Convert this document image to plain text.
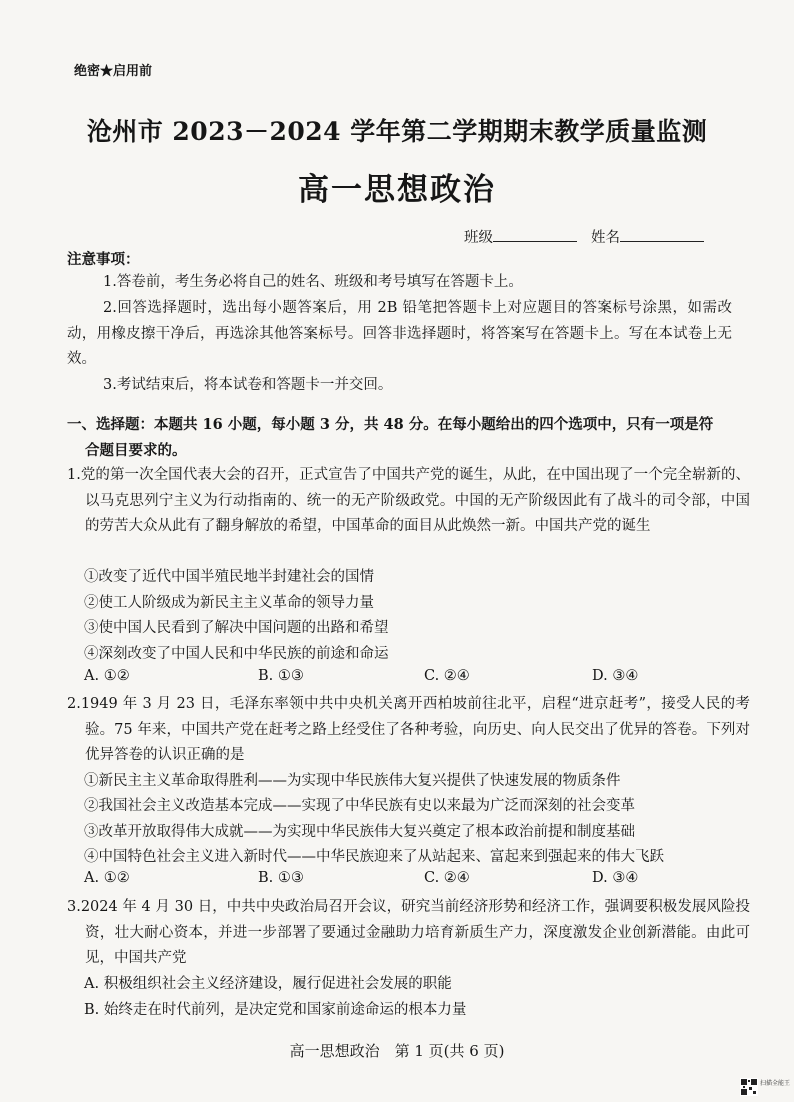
绝密★启用前
沧州市 2023－2024 学年第二学期期末教学质量监测
高一思想政治
班级	姓名
注意事项：
1.答卷前，考生务必将自己的姓名、班级和考号填写在答题卡上。
2.回答选择题时，选出每小题答案后，用 2B 铅笔把答题卡上对应题目的答案标号涂黑，如需改动，用橡皮擦干净后，再选涂其他答案标号。回答非选择题时，将答案写在答题卡上。写在本试卷上无效。
3.考试结束后，将本试卷和答题卡一并交回。
一、选择题：本题共 16 小题，每小题 3 分，共 48 分。在每小题给出的四个选项中，只有一项是符
合题目要求的。
1.党的第一次全国代表大会的召开，正式宣告了中国共产党的诞生，从此，在中国出现了一个完全崭新的、以马克思列宁主义为行动指南的、统一的无产阶级政党。中国的无产阶级因此有了战斗的司令部，中国的劳苦大众从此有了翻身解放的希望，中国革命的面目从此焕然一新。中国共产党的诞生
①改变了近代中国半殖民地半封建社会的国情
②使工人阶级成为新民主主义革命的领导力量
③使中国人民看到了解决中国问题的出路和希望
④深刻改变了中国人民和中华民族的前途和命运
A. ①②	B. ①③	C. ②④	D. ③④
2.1949 年 3 月 23 日，毛泽东率领中共中央机关离开西柏坡前往北平，启程“进京赶考”，接受人民的考验。75 年来，中国共产党在赶考之路上经受住了各种考验，向历史、向人民交出了优异的答卷。下列对优异答卷的认识正确的是
①新民主主义革命取得胜利——为实现中华民族伟大复兴提供了快速发展的物质条件
②我国社会主义改造基本完成——实现了中华民族有史以来最为广泛而深刻的社会变革
③改革开放取得伟大成就——为实现中华民族伟大复兴奠定了根本政治前提和制度基础
④中国特色社会主义进入新时代——中华民族迎来了从站起来、富起来到强起来的伟大飞跃
A. ①②	B. ①③	C. ②④	D. ③④
3.2024 年 4 月 30 日，中共中央政治局召开会议，研究当前经济形势和经济工作，强调要积极发展风险投资，壮大耐心资本，并进一步部署了要通过金融助力培育新质生产力，深度激发企业创新潜能。由此可见，中国共产党
A. 积极组织社会主义经济建设，履行促进社会发展的职能
B. 始终走在时代前列，是决定党和国家前途命运的根本力量
高一思想政治　第 1 页(共 6 页)
扫描全能王
